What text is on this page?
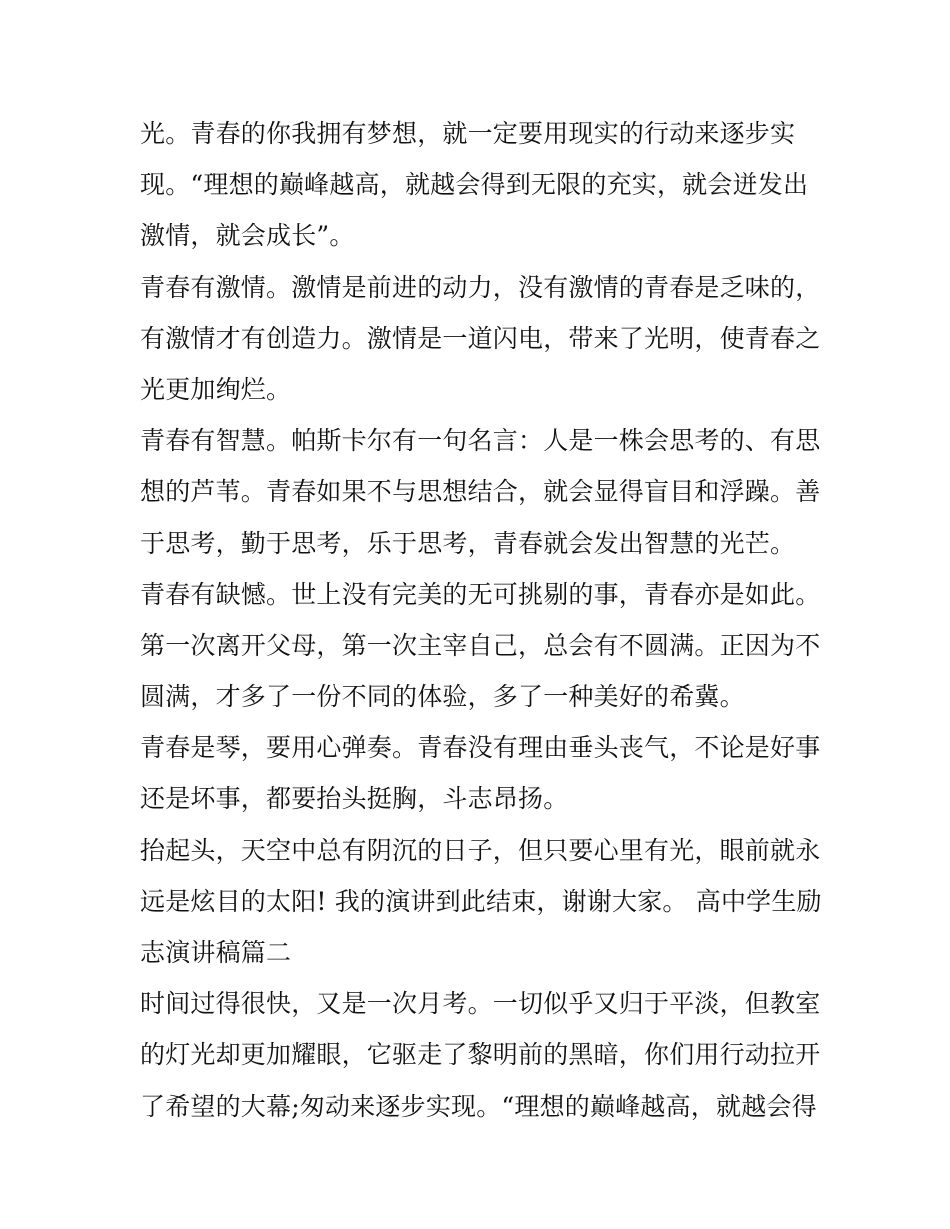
光。青春的你我拥有梦想，就一定要用现实的行动来逐步实
现。“理想的巅峰越高，就越会得到无限的充实，就会迸发出
激情，就会成长”。
青春有激情。激情是前进的动力，没有激情的青春是乏味的，
有激情才有创造力。激情是一道闪电，带来了光明，使青春之
光更加绚烂。
青春有智慧。帕斯卡尔有一句名言：人是一株会思考的、有思
想的芦苇。青春如果不与思想结合，就会显得盲目和浮躁。善
于思考，勤于思考，乐于思考，青春就会发出智慧的光芒。
青春有缺憾。世上没有完美的无可挑剔的事，青春亦是如此。
第一次离开父母，第一次主宰自己，总会有不圆满。正因为不
圆满，才多了一份不同的体验，多了一种美好的希冀。
青春是琴，要用心弹奏。青春没有理由垂头丧气，不论是好事
还是坏事，都要抬头挺胸，斗志昂扬。
抬起头，天空中总有阴沉的日子，但只要心里有光，眼前就永
远是炫目的太阳! 我的演讲到此结束，谢谢大家。 高中学生励
志演讲稿篇二
时间过得很快，又是一次月考。一切似乎又归于平淡，但教室
的灯光却更加耀眼，它驱走了黎明前的黑暗，你们用行动拉开
了希望的大幕;匆动来逐步实现。“理想的巅峰越高，就越会得
